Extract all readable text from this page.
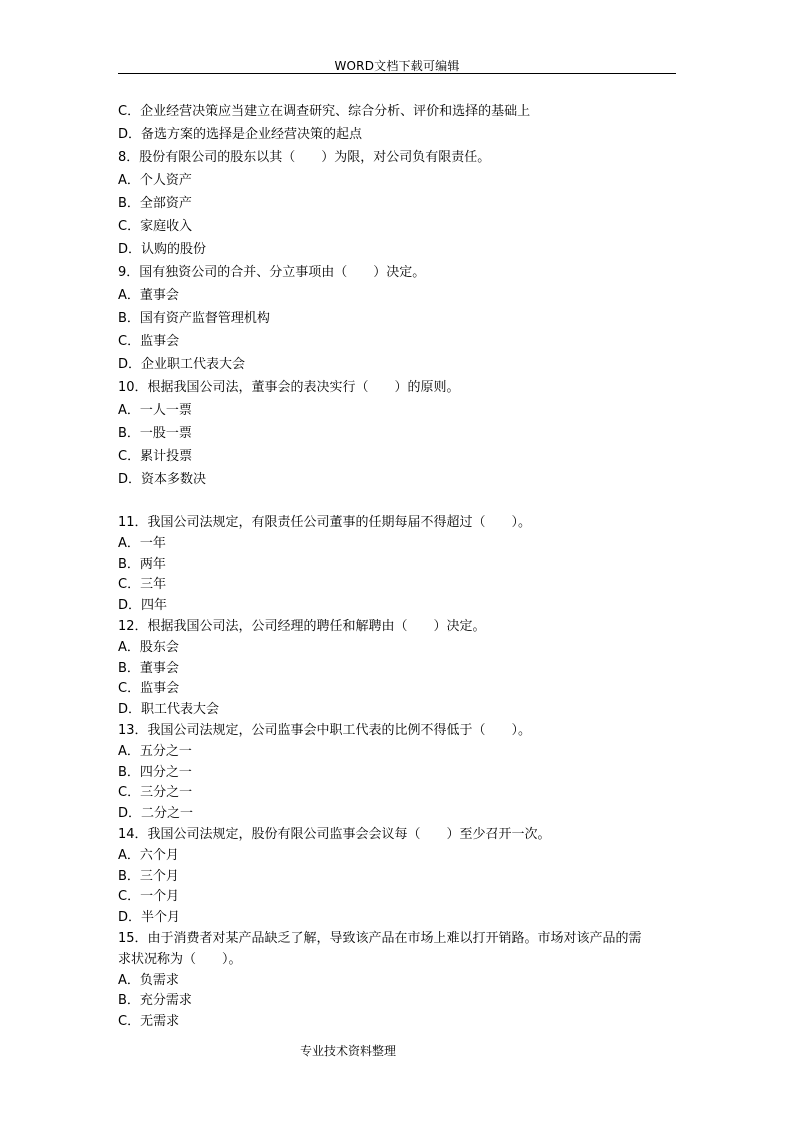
WORD文档下载可编辑
C．企业经营决策应当建立在调查研究、综合分析、评价和选择的基础上
D．备选方案的选择是企业经营决策的起点
8．股份有限公司的股东以其（　　）为限，对公司负有限责任。
A．个人资产
B．全部资产
C．家庭收入
D．认购的股份
9．国有独资公司的合并、分立事项由（　　）决定。
A．董事会
B．国有资产监督管理机构
C．监事会
D．企业职工代表大会
10．根据我国公司法，董事会的表决实行（　　）的原则。
A．一人一票
B．一股一票
C．累计投票
D．资本多数决
11．我国公司法规定，有限责任公司董事的任期每届不得超过（　　）。
A．一年
B．两年
C．三年
D．四年
12．根据我国公司法，公司经理的聘任和解聘由（　　）决定。
A．股东会
B．董事会
C．监事会
D．职工代表大会
13．我国公司法规定，公司监事会中职工代表的比例不得低于（　　）。
A．五分之一
B．四分之一
C．三分之一
D．二分之一
14．我国公司法规定，股份有限公司监事会会议每（　　）至少召开一次。
A．六个月
B．三个月
C．一个月
D．半个月
15．由于消费者对某产品缺乏了解，导致该产品在市场上难以打开销路。市场对该产品的需
求状况称为（　　）。
A．负需求
B．充分需求
C．无需求
专业技术资料整理
